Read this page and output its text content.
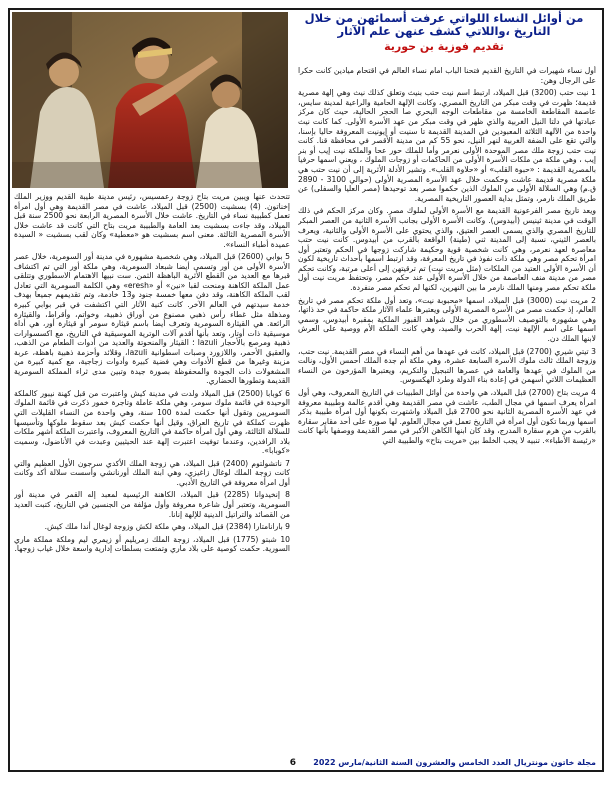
من أوائل النساء اللواتي عرفت أسمائهن من خلال التاريخ ،واللاتي كشف عنهن علم الآثار

تقديم فوزية بن حورية

أول نساء شهيرات في التاريخ القديم فتحنا الباب امام نساء العالم في اقتحام ميادين كانت حكرا على الرجال وهن:

1 نيت حتب (3200) قبل الميلاد، ارتبط اسم نيت حتب بنيث وتعلق كذلك نيث وهي إلهة مصرية قديمة؛ ظهرت في وقت مبكر من التاريخ المصري، وكانت الإلهة الحامية والراعية لمدينة سايس، عاصمة المقاطعة الخامسة من مقاطعات الوجه البحري صا الحجر الحالية، حيث كان مركز عبادتها في دلتا النيل الغربية والذي ظهر في وقت مبكر من عهد الأسرة الأولى. كما كانت نيث واحدة من الآلهة الثلاثة المعبودين في المدينة القديمة تا سنيت أو إيونيت المعروفة حاليا بإسنا، والتي تقع على الضفة الغربية لنهر النيل، نحو 55 كم من مدينة الأقصر في محافظة قنا. كانت نيت حتب زوجة ملك مصر الموحدة الأولى نعرمر وأما للملك حور عحا والملكة نيت إيب أو بنر إيب ، وهي ملكة من ملكات الأسرة الأولى من الحاكمات أو زوجات الملوك ، ويعني اسمها حرفيا بالمصرية القديمة : «حبوة القلب» أو «حلاوة القلب». وتشير الأدلة الأثرية إلى أن نيت حتب هي ملكة مصرية قديمة عاشت وحكمت خلال عهد الأسرة المصرية الأولى (حوالي 3100 - 2890 ق.م) وهي السلالة الأولى من الملوك الذين حكموا مصر بعد توحيدها (مصر العليا والسفلى) عن طريق الملك نارمر، وتمثل بداية العصور التاريخية المصرية.

ويعد تاريخ مصر الفرعونية القديمة مع الأسرة الأولى لملوك مصر. وكان مركز الحكم في ذلك الوقت في مدينة ثينيس (أبيدوس). وكانت الأسرة الأولى بجانب الأسرة الثانية من العصر المبكر للتاريخ المصري والذي يسمى العصر العتيق، والذي يحتوي على الأسرة الأولى والثانية، ويعرف بالعصر الثيني، نسبة إلى المدينة ثني (طينة) الواقعة بالقرب من أبيدوس. كانت نيت حتب معاصرة لعهد نعرمر، وهي كانت شخصية قوية وحكيمة شاركت زوجها في الحكم وتعتبر أول امرأة تحكم مصر وهي ملكة ذات نفوذ في تاريخ المعرفة، وقد ارتبط اسمها بأحداث تاريخية لكون أن الأسرة الأولى العتيد من الملكات (مثل مريت نيت) تم ترقيتهن إلى أعلى مرتبة، وكانت تحكم مصر من مدينة منف العاصمة من خلال الأسرة الأولى عند حكم مصر، وتحتفظ مريت نيت أول ملكة تحكم مصر ومنها الملك نارمر ما بين النهرين، لكنها لم تحكم مصر منفردة.

2 مريت نيت (3000) قبل الميلاد، اسمها «محبوبة نيت»، وتعد أول ملكة تحكم مصر في تاريخ العالم، إذ حكمت مصر من الأسرة المصرية الأولى ويعتبرها علماء الآثار ملكة حاكمة في حد ذاتها، وهي مشهورة بالتوصيف الأسطوري من خلال شواهد القبور الملكية بمقبرة أبيدوس، وسمي اسمها على اسم الإلهة نيت، إلهة الحرب والصيد، وهي كانت الملكة الأم ووصية على العرش لابنها الملك دن.

3 تيتي شيري (2700) قبل الميلاد، كانت في عهدها من أهم النساء في مصر القديمة. نيت حتب، وزوجة الملك ثالث ملوك الأسرة السابعة عشرة، وهي ملكة أم جدة الملك أحمس الأول، ونالت من الملوك في عهدها والعامة في عصرها التبجيل والتكريم، ويعتبرها المؤرخون من النساء العظيمات اللاتي أسهمن في إعادة بناء الدولة وطرد الهكسوس.

4 مريت بتاح (2700) قبل الميلاد، هي واحدة من أوائل الطبيبات في التاريخ المعروف، وهي أول امرأة يعرف اسمها في مجال الطب، عاشت في مصر القديمة وهي أقدم عالمة وطبيبة معروفة في عهد الأسرة المصرية الثانية نحو 2700 قبل الميلاد واشتهرت بكونها أول امرأة طبيبة بذكر اسمها وربما تكون أول امرأة في التاريخ تعمل في مجال العلوم. لها صورة على أحد مقابر سقارة بالقرب من هرم سقارة المدرج، وقد كان ابنها الكاهن الأكبر في مصر القديمة ووصفها بأنها كانت «رئيسة الأطباء». تنبيه لا يجب الخلط بين «مريت بتاح» والطبيبة التي

تتحدث عنها ويبين مريت بتاح زوجة رعمسيس، رئيس مدينة طيبة القديم ووزير الملك إخناتون. (4) بسشيت (2500) قبل الميلاد، عاشت في مصر القديمة وهي أول امرأة تعمل كطبيبة نساء في التاريخ. عاشت خلال الأسرة المصرية الرابعة نحو 2500 سنة قبل الميلاد، وقد جاءت بسشيت بعد العامة والطبيبة مريت بتاح التي كانت قد عاشت خلال الأسرة المصرية الثالثة. معنى اسم بسشيت هو «معطية» وكان لقب بسشيت « السيدة عميدة أطباء النساء».

5 بوابي (2600) قبل الميلاد، وهي شخصية مشهورة في مدينة أور السومرية، خلال عصر الأسرة الأولى من أور وتسمى أيضا شبعاد السومرية، وهي ملكة أور التي تم اكتشاف قبرها مع العديد من القطع الأثرية الباهظة الثمن. ست نبيها الاهتمام الاسطوري وتتلقى عمل الملكة الكاهنة ومنحت لقبا «نين» أو «eresh» وهي الكلمة السومرية التي تعادل لقب الملكة الكاهنة، وقد دفن معها خمسة جنود و13 خادمة، وتم تقديمهم جميعا بهدف خدمة سيدتهم في العالم الآخر. كانت كنية الآثار التي اكتشفت في قبر بوابي كبيرة ومذهلة مثل غطاء رأس ذهبي مصنوع من أوراق ذهبية، وخواتم، وأقراط، والقيثارة الرائعة. هي القيثارة السومرية وتعرف أيضا باسم قيثارة سومر أو قيثارة أور، هي أداة موسيقية ذات أوتار، وتعد بأنها أقدم آلات الوترية الموسيقية في التاريخ، مع اكسسوارات ذهبية ومرصع بالأحجار lazuli ؛ القيثار والمنحوتة والعديد من أدوات الطعام من الذهب، والعقيق الأحمر، واللازورد وصبات اسطوانية lazuli، وقلائد وأحزمة ذهبية باهظة، عربة مزينة وغيرها من قطع الأدوات وهي فضية كبيرة وأدوات زجاجية، مع كمية كبيرة من المشغولات ذات الجودة والمحفوظة بصورة جيدة وتبين مدى ثراء المملكة السومرية القديمة وتطورها الحضاري.

6 كوبابا (2500) قبل الميلاد ولدت في مدينة كيش واعتبرت من قبل كهنة نيبور كالملكة الوحيدة في قائمة ملوك سومر، وهي ملكة عاملة وتاجرة خمور ذكرت في قائمة الملوك السومريين وتقول أنها حكمت لمدة 100 سنة، وهي واحدة من النساء القليلات التي ظهرت كملكة في تاريخ العراق، وقيل أنها حكمت كيش بعد سقوط ملوكها وتأسيسها للسلالة الثالثة، وهي أول امرأة حاكمة في التاريخ المعروف، واعتبرت الملكة أشهر ملكات بلاد الرافدين، وعندما توفيت اعتبرت إلهة عند الحيثيين وعبدت في الأناضول، وسميت «كوبابا».

7 ناتشولتوم (2400) قبل الميلاد، هي زوجة الملك الأكدي سرجون الأول العظيم والتي كانت زوجة الملك لوغال زاغيزي، وهي ابنة الملك أورنانشي وأسست سلالة أكد وكانت أول امرأة معروفة في التاريخ الأدبي.

8 إنخيدوانا (2285) قبل الميلاد، الكاهنة الرئيسية لمعبد إله القمر في مدينة أور السومرية، وتعتبر أول شاعرة معروفة وأول مؤلفة من الجنسين في التاريخ، كتبت العديد من القصائد والتراتيل الدينية للإلهة إنانا.

9 بارانامتارا (2384) قبل الميلاد، وهي ملكة لكش وزوجة لوغال أندا ملك كيش.

10 شبتو (1775) قبل الميلاد، زوجة الملك زمريليم أو زيمري ليم وملكة مملكة ماري السورية. حكمت كوصية على بلاد ماري وتمتعت بسلطات إدارية واسعة خلال غياب زوجها.

مجلة خاتون مونتريال العدد الخامس والعشرون السنة الثانية/مارس 2022
6
